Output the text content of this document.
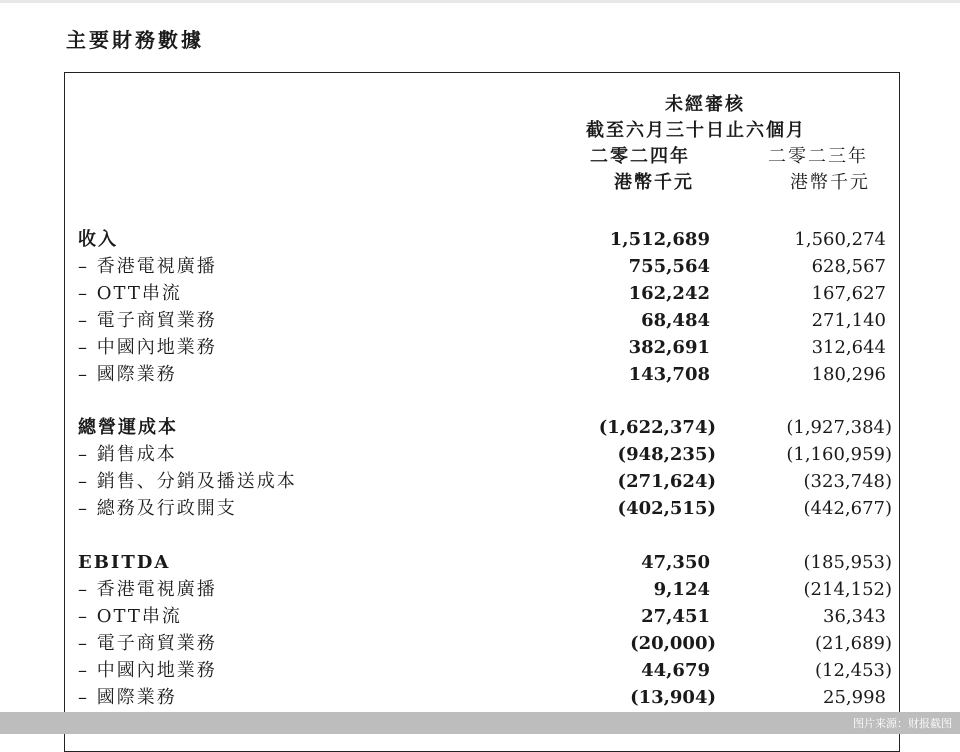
主要財務數據
未經審核
截至六月三十日止六個月
二零二四年	二零二三年
港幣千元	港幣千元
收入	1,512,689	1,560,274
– 香港電視廣播	755,564	628,567
– OTT串流	162,242	167,627
– 電子商貿業務	68,484	271,140
– 中國內地業務	382,691	312,644
– 國際業務	143,708	180,296
總營運成本	(1,622,374)	(1,927,384)
– 銷售成本	(948,235)	(1,160,959)
– 銷售、分銷及播送成本	(271,624)	(323,748)
– 總務及行政開支	(402,515)	(442,677)
EBITDA	47,350	(185,953)
– 香港電視廣播	9,124	(214,152)
– OTT串流	27,451	36,343
– 電子商貿業務	(20,000)	(21,689)
– 中國內地業務	44,679	(12,453)
– 國際業務	(13,904)	25,998
图片来源：财报截图
